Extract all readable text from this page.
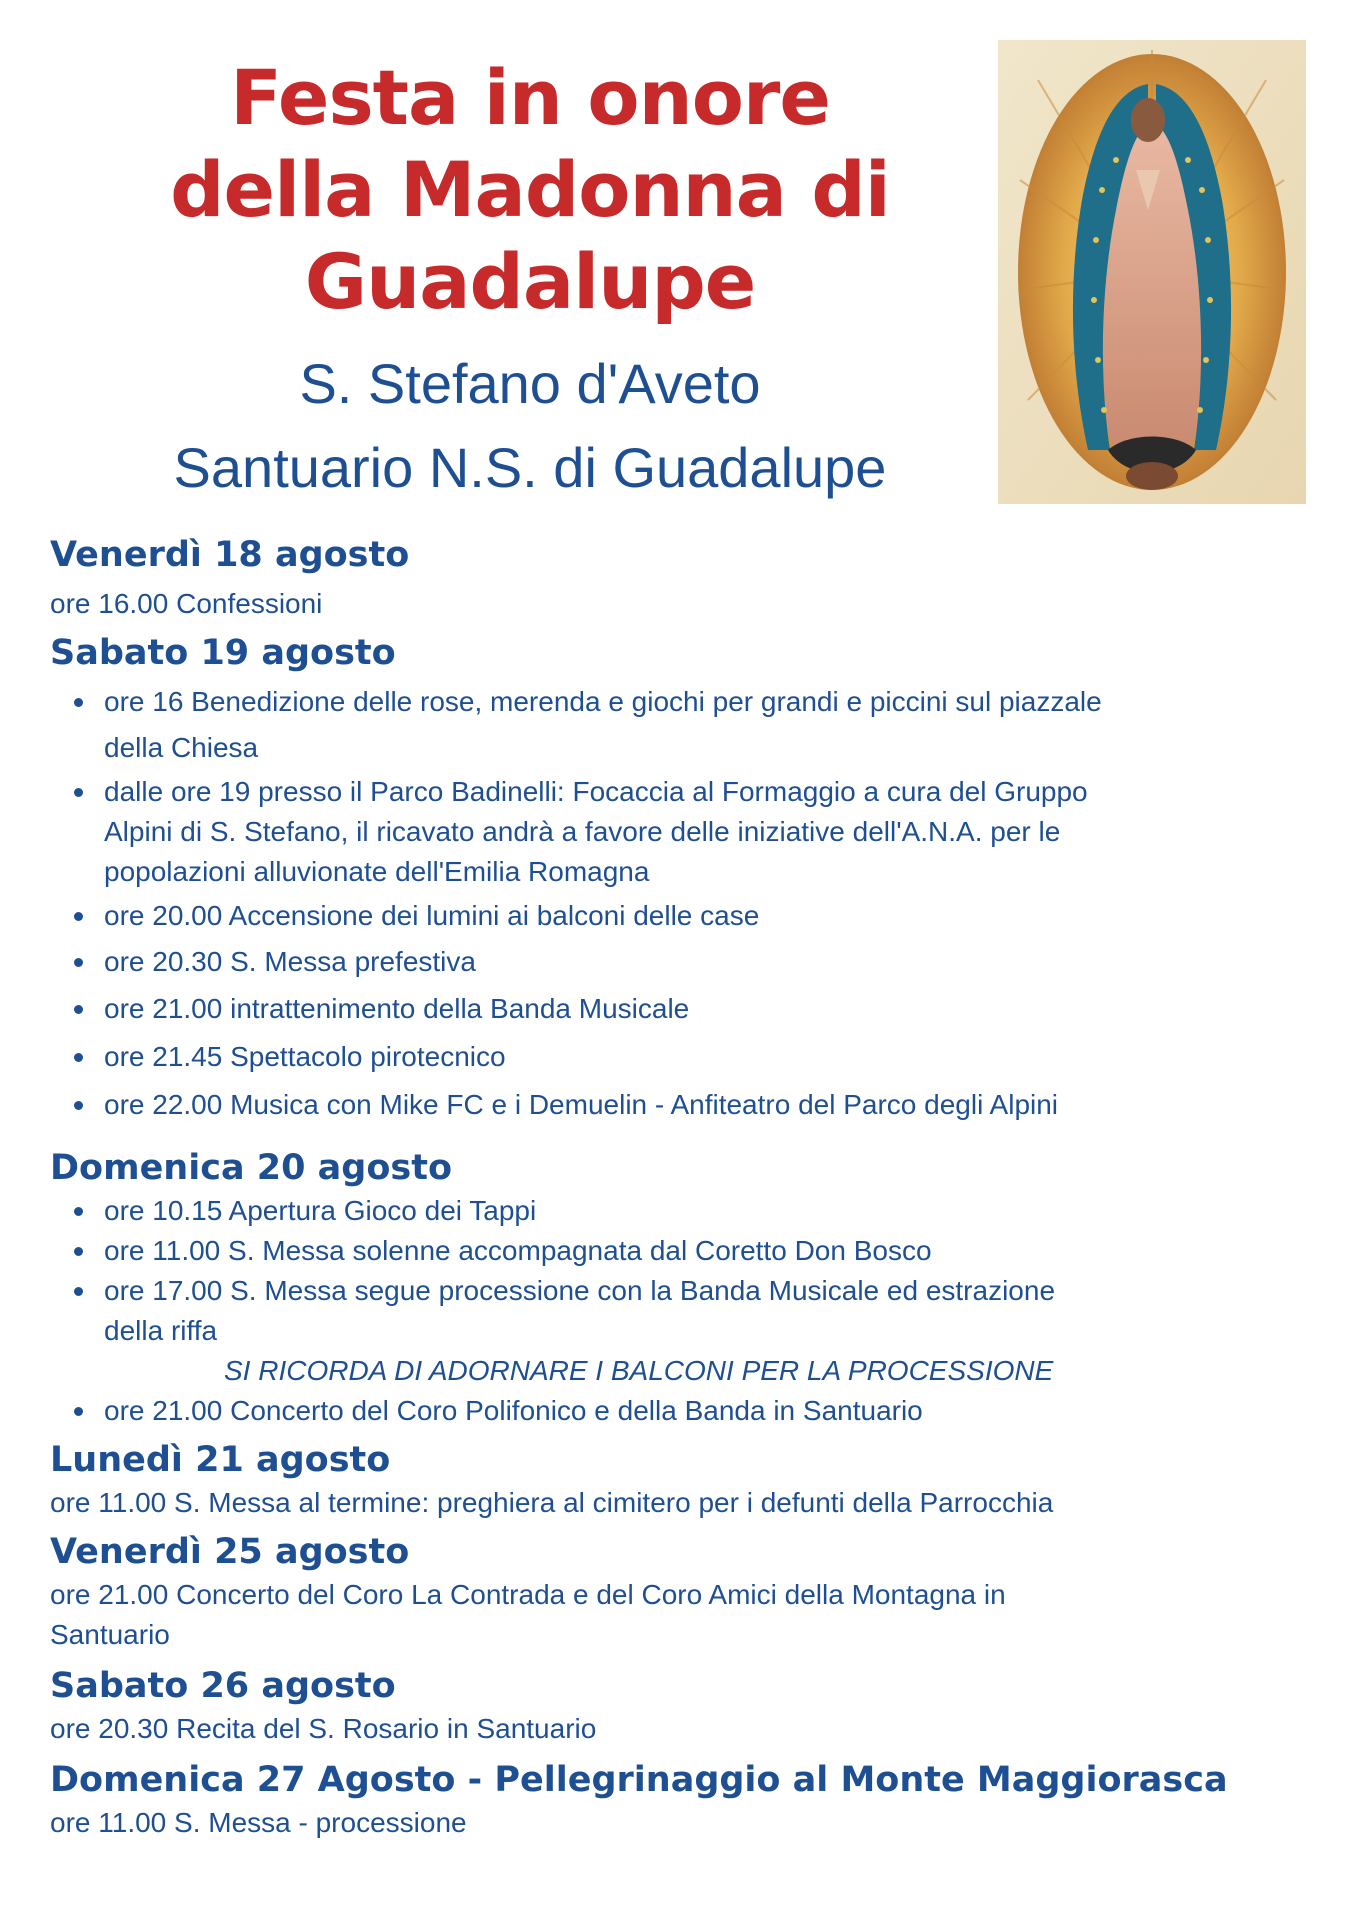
Festa in onore
della Madonna di
Guadalupe
S. Stefano d'Aveto
Santuario N.S. di Guadalupe
Venerdì 18 agosto
ore 16.00 Confessioni
Sabato 19 agosto
ore 16 Benedizione delle rose, merenda e giochi per grandi e piccini sul piazzale
della Chiesa
dalle ore 19 presso il Parco Badinelli: Focaccia al Formaggio a cura del Gruppo
Alpini di S. Stefano, il ricavato andrà a favore delle iniziative dell'A.N.A. per le
popolazioni alluvionate dell'Emilia Romagna
ore 20.00 Accensione dei lumini ai balconi delle case
ore 20.30 S. Messa prefestiva
ore 21.00 intrattenimento della Banda Musicale
ore 21.45 Spettacolo pirotecnico
ore 22.00 Musica con Mike FC e i Demuelin - Anfiteatro del Parco degli Alpini
Domenica 20 agosto
ore 10.15 Apertura Gioco dei Tappi
ore 11.00 S. Messa solenne accompagnata dal Coretto Don Bosco
ore 17.00 S. Messa segue processione con la Banda Musicale ed estrazione
della riffa
SI RICORDA DI ADORNARE I BALCONI PER LA PROCESSIONE
ore 21.00 Concerto del Coro Polifonico e della Banda in Santuario
Lunedì 21 agosto
ore 11.00 S. Messa al termine: preghiera al cimitero per i defunti della Parrocchia
Venerdì 25 agosto
ore 21.00 Concerto del Coro La Contrada e del Coro Amici della Montagna in
Santuario
Sabato 26 agosto
ore 20.30 Recita del S. Rosario in Santuario
Domenica 27 Agosto - Pellegrinaggio al Monte Maggiorasca
ore 11.00 S. Messa - processione
